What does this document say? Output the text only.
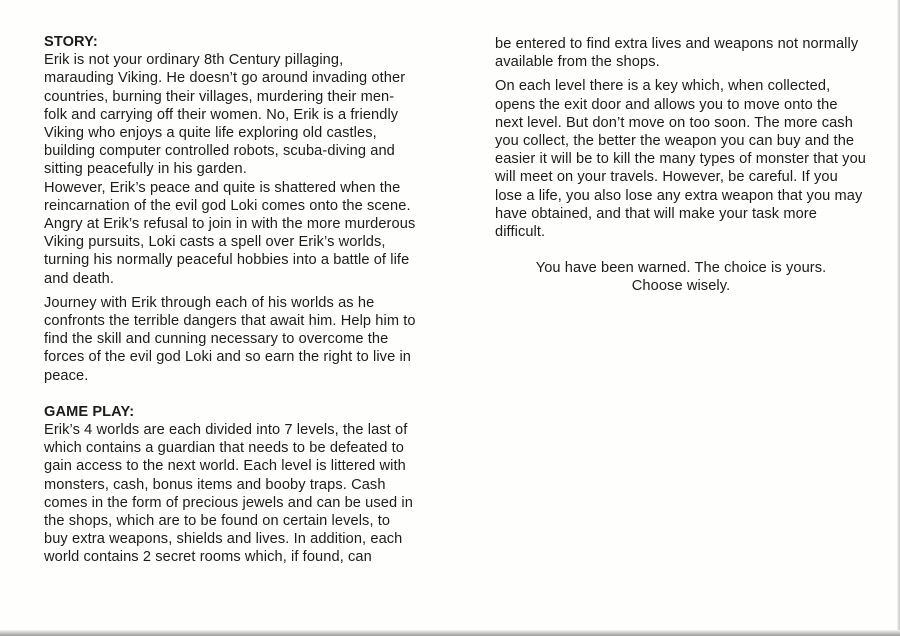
STORY:

Erik is not your ordinary 8th Century pillaging, marauding Viking. He doesn’t go around invading other countries, burning their villages, murdering their men-folk and carrying off their women. No, Erik is a friendly Viking who enjoys a quite life exploring old castles, building computer controlled robots, scuba-diving and sitting peacefully in his garden.

However, Erik’s peace and quite is shattered when the reincarnation of the evil god Loki comes onto the scene. Angry at Erik’s refusal to join in with the more murderous Viking pursuits, Loki casts a spell over Erik’s worlds, turning his normally peaceful hobbies into a battle of life and death.

Journey with Erik through each of his worlds as he confronts the terrible dangers that await him. Help him to find the skill and cunning necessary to overcome the forces of the evil god Loki and so earn the right to live in peace.

GAME PLAY:

Erik’s 4 worlds are each divided into 7 levels, the last of which contains a guardian that needs to be defeated to gain access to the next world. Each level is littered with monsters, cash, bonus items and booby traps. Cash comes in the form of precious jewels and can be used in the shops, which are to be found on certain levels, to buy extra weapons, shields and lives. In addition, each world contains 2 secret rooms which, if found, can

be entered to find extra lives and weapons not normally available from the shops.

On each level there is a key which, when collected, opens the exit door and allows you to move onto the next level. But don’t move on too soon. The more cash you collect, the better the weapon you can buy and the easier it will be to kill the many types of monster that you will meet on your travels. However, be careful. If you lose a life, you also lose any extra weapon that you may have obtained, and that will make your task more difficult.

You have been warned. The choice is yours.

Choose wisely.
